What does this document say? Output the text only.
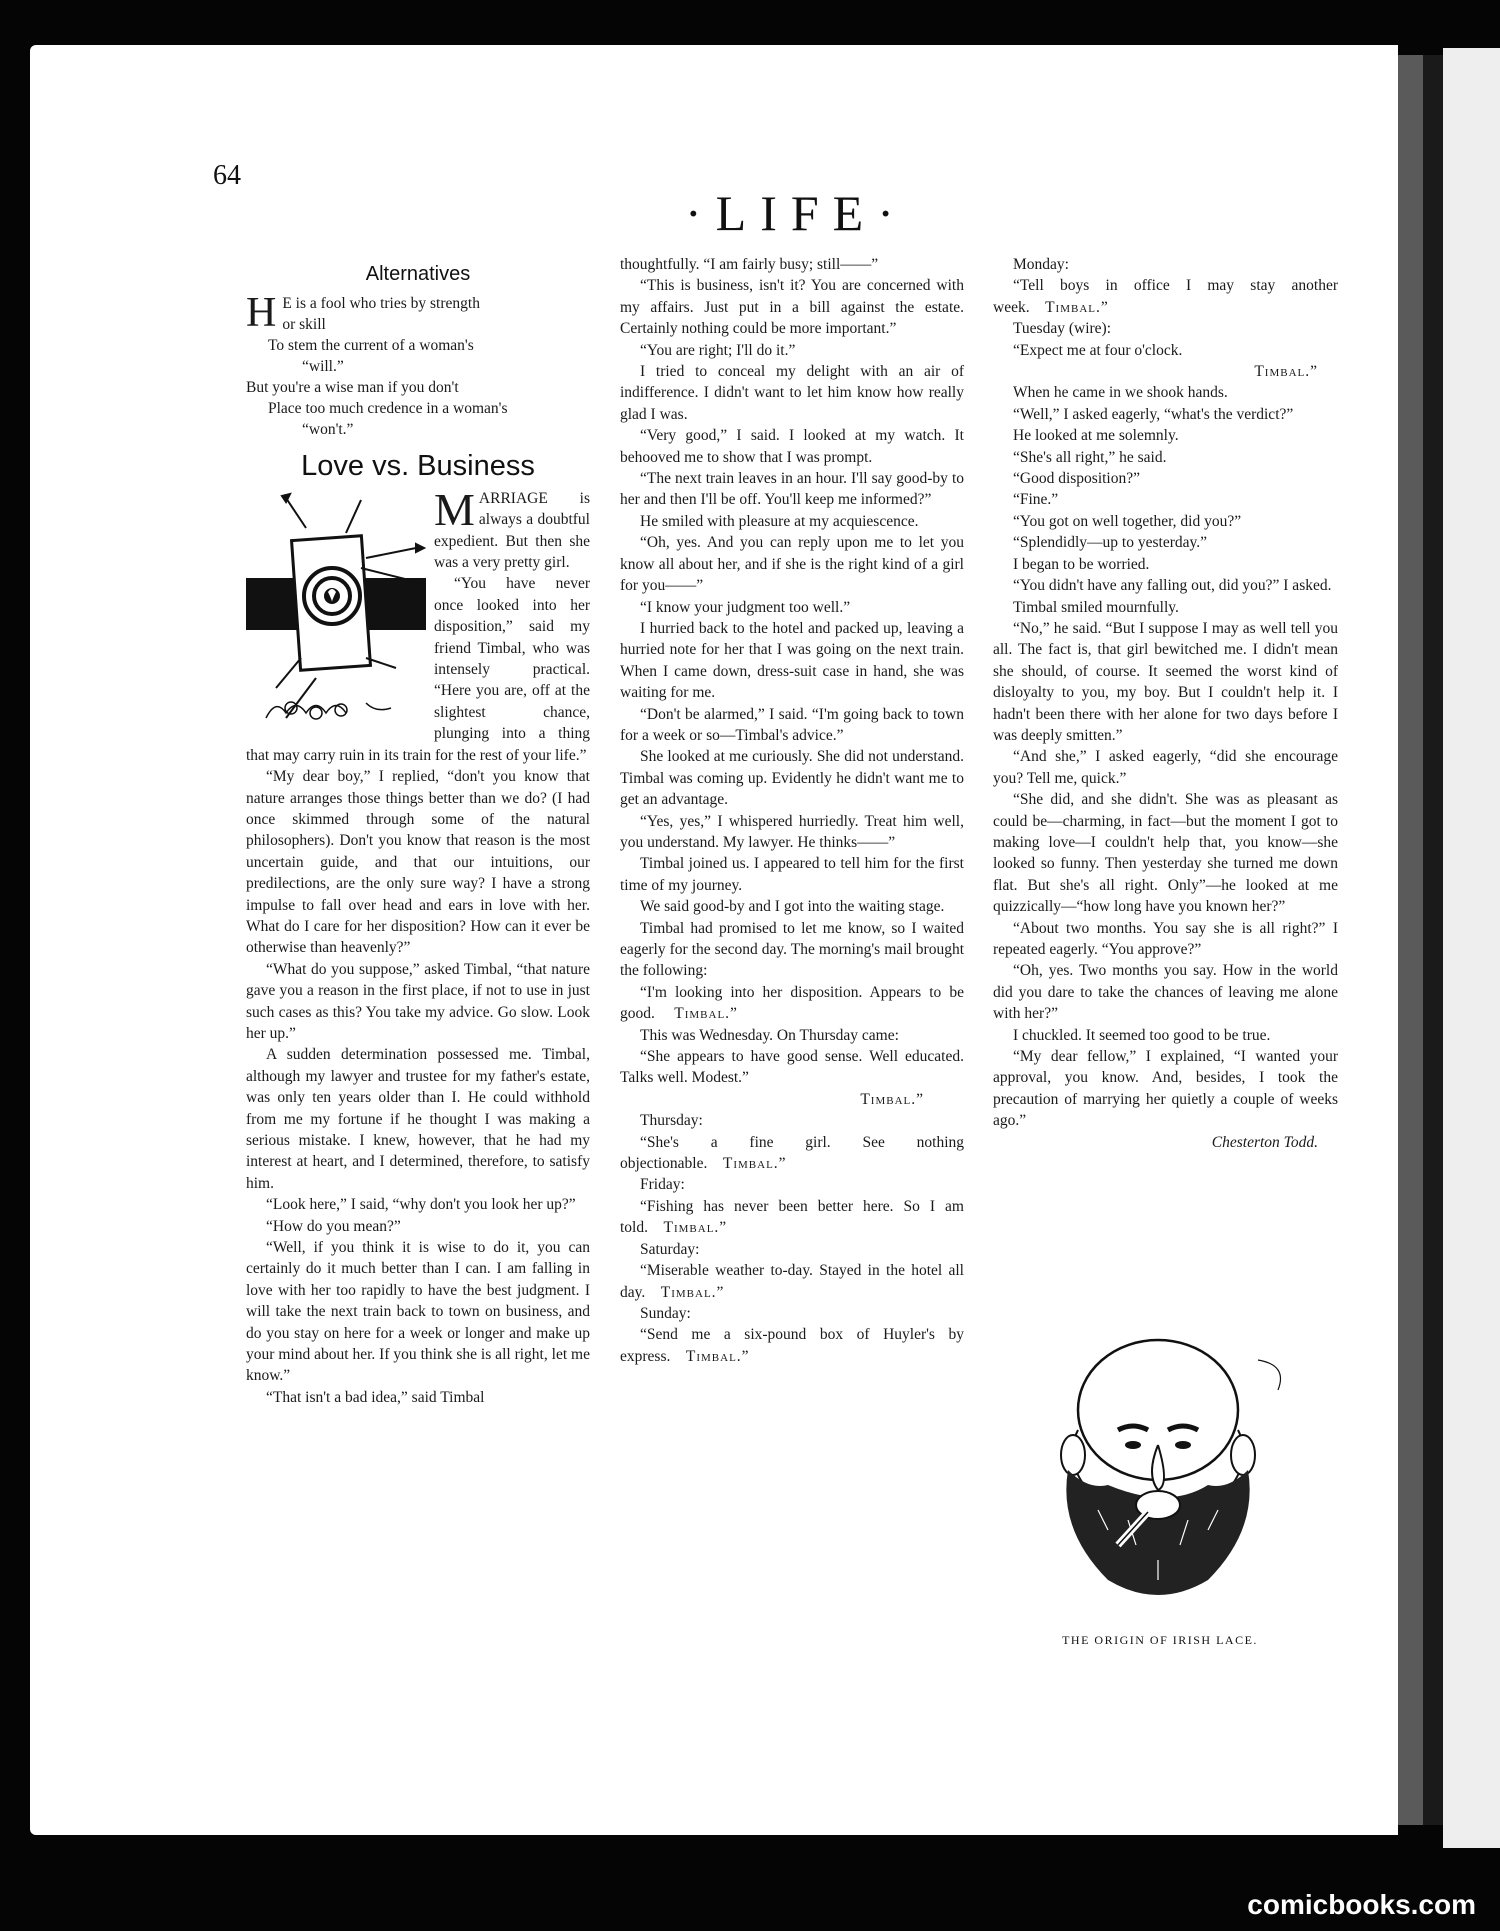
64
·LIFE·
Alternatives
H E is a fool who tries by strength
or skill
To stem the current of a woman's
“will.”
But you're a wise man if you don't
Place too much credence in a woman's
“won't.”
Love vs. Business
M ARRIAGE is always a doubtful expedient. But then she was a very pretty girl.

“You have never once looked into her disposition,” said my friend Timbal, who was intensely practical. “Here you are, off at the slightest chance, plunging into a thing that may carry ruin in its train for the rest of your life.”

“My dear boy,” I replied, “don't you know that nature arranges those things better than we do? (I had once skimmed through some of the natural philosophers). Don't you know that reason is the most uncertain guide, and that our intuitions, our predilections, are the only sure way? I have a strong impulse to fall over head and ears in love with her. What do I care for her disposition? How can it ever be otherwise than heavenly?”

“What do you suppose,” asked Timbal, “that nature gave you a reason in the first place, if not to use in just such cases as this? You take my advice. Go slow. Look her up.”

A sudden determination possessed me. Timbal, although my lawyer and trustee for my father's estate, was only ten years older than I. He could withhold from me my fortune if he thought I was making a serious mistake. I knew, however, that he had my interest at heart, and I determined, therefore, to satisfy him.

“Look here,” I said, “why don't you look her up?”

“How do you mean?”

“Well, if you think it is wise to do it, you can certainly do it much better than I can. I am falling in love with her too rapidly to have the best judgment. I will take the next train back to town on business, and do you stay on here for a week or longer and make up your mind about her. If you think she is all right, let me know.”

“That isn't a bad idea,” said Timbal

thoughtfully. “I am fairly busy; still——”

“This is business, isn't it? You are concerned with my affairs. Just put in a bill against the estate. Certainly nothing could be more important.”

“You are right; I'll do it.”

I tried to conceal my delight with an air of indifference. I didn't want to let him know how really glad I was.

“Very good,” I said. I looked at my watch. It behooved me to show that I was prompt.

“The next train leaves in an hour. I'll say good-by to her and then I'll be off. You'll keep me informed?”

He smiled with pleasure at my acquiescence.

“Oh, yes. And you can reply upon me to let you know all about her, and if she is the right kind of a girl for you——”

“I know your judgment too well.”

I hurried back to the hotel and packed up, leaving a hurried note for her that I was going on the next train. When I came down, dress-suit case in hand, she was waiting for me.

“Don't be alarmed,” I said. “I'm going back to town for a week or so—Timbal's advice.”

She looked at me curiously. She did not understand. Timbal was coming up. Evidently he didn't want me to get an advantage.

“Yes, yes,” I whispered hurriedly. Treat him well, you understand. My lawyer. He thinks——”

Timbal joined us. I appeared to tell him for the first time of my journey.

We said good-by and I got into the waiting stage.

Timbal had promised to let me know, so I waited eagerly for the second day. The morning's mail brought the following:

“I'm looking into her disposition. Appears to be good. Timbal.”

This was Wednesday. On Thursday came:

“She appears to have good sense. Well educated. Talks well. Modest.”

Timbal.”

Thursday:

“She's a fine girl. See nothing objectionable. Timbal.”

Friday:

“Fishing has never been better here. So I am told. Timbal.”

Saturday:

“Miserable weather to-day. Stayed in the hotel all day. Timbal.”

Sunday:

“Send me a six-pound box of Huyler's by express. Timbal.”

Monday:

“Tell boys in office I may stay another week. Timbal.”

Tuesday (wire):

“Expect me at four o'clock.

Timbal.”

When he came in we shook hands.

“Well,” I asked eagerly, “what's the verdict?”

He looked at me solemnly.

“She's all right,” he said.

“Good disposition?”

“Fine.”

“You got on well together, did you?”

“Splendidly—up to yesterday.”

I began to be worried.

“You didn't have any falling out, did you?” I asked.

Timbal smiled mournfully.

“No,” he said. “But I suppose I may as well tell you all. The fact is, that girl bewitched me. I didn't mean she should, of course. It seemed the worst kind of disloyalty to you, my boy. But I couldn't help it. I hadn't been there with her alone for two days before I was deeply smitten.”

“And she,” I asked eagerly, “did she encourage you? Tell me, quick.”

“She did, and she didn't. She was as pleasant as could be—charming, in fact—but the moment I got to making love—I couldn't help that, you know—she looked so funny. Then yesterday she turned me down flat. But she's all right. Only”—he looked at me quizzically—“how long have you known her?”

“About two months. You say she is all right?” I repeated eagerly. “You approve?”

“Oh, yes. Two months you say. How in the world did you dare to take the chances of leaving me alone with her?”

I chuckled. It seemed too good to be true.

“My dear fellow,” I explained, “I wanted your approval, you know. And, besides, I took the precaution of marrying her quietly a couple of weeks ago.”

Chesterton Todd.
THE ORIGIN OF IRISH LACE.
comicbooks.com
